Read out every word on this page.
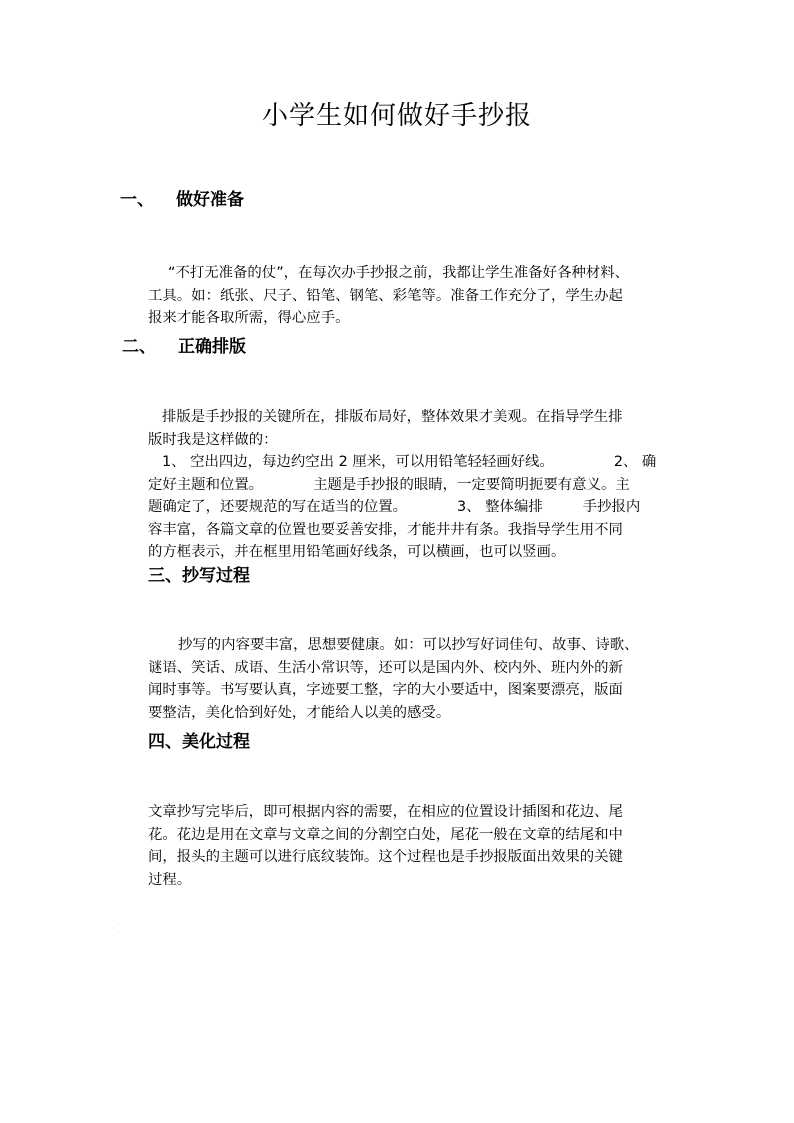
小学生如何做好手抄报
一、 做好准备

“不打无准备的仗”，在每次办手抄报之前，我都让学生准备好各种材料、
工具。如：纸张、尺子、铅笔、钢笔、彩笔等。准备工作充分了，学生办起
报来才能各取所需，得心应手。

二、 正确排版

排版是手抄报的关键所在，排版布局好，整体效果才美观。在指导学生排
版时我是这样做的：
1、 空出四边，每边约空出 2 厘米，可以用铅笔轻轻画好线。	2、 确
定好主题和位置。	主题是手抄报的眼睛，一定要简明扼要有意义。主
题确定了，还要规范的写在适当的位置。	3、 整体编排	手抄报内
容丰富，各篇文章的位置也要妥善安排，才能井井有条。我指导学生用不同
的方框表示，并在框里用铅笔画好线条，可以横画，也可以竖画。

三、抄写过程

抄写的内容要丰富，思想要健康。如：可以抄写好词佳句、故事、诗歌、
谜语、笑话、成语、生活小常识等，还可以是国内外、校内外、班内外的新
闻时事等。书写要认真，字迹要工整，字的大小要适中，图案要漂亮，版面
要整洁，美化恰到好处，才能给人以美的感受。

四、美化过程

文章抄写完毕后，即可根据内容的需要，在相应的位置设计插图和花边、尾
花。花边是用在文章与文章之间的分割空白处，尾花一般在文章的结尾和中
间，报头的主题可以进行底纹装饰。这个过程也是手抄报版面出效果的关键
过程。

. .
